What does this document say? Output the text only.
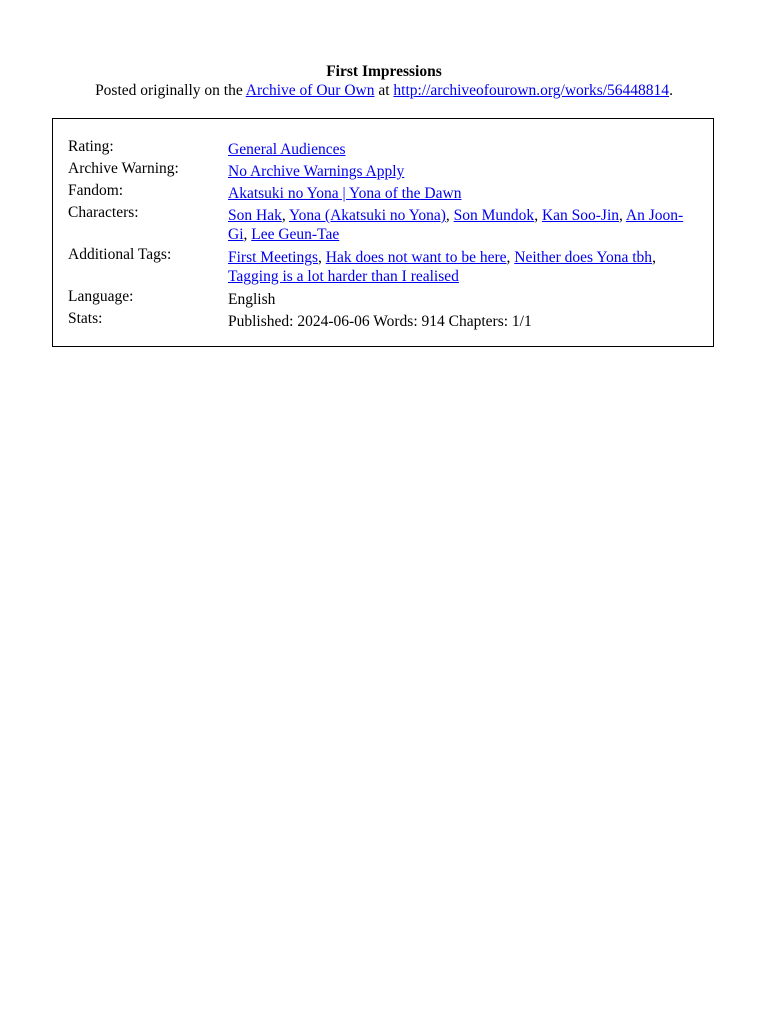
First Impressions
Posted originally on the Archive of Our Own at http://archiveofourown.org/works/56448814.
Rating:	General Audiences
Archive Warning:	No Archive Warnings Apply
Fandom:	Akatsuki no Yona | Yona of the Dawn
Characters:	Son Hak, Yona (Akatsuki no Yona), Son Mundok, Kan Soo-Jin, An Joon-Gi, Lee Geun-Tae
Additional Tags:	First Meetings, Hak does not want to be here, Neither does Yona tbh, Tagging is a lot harder than I realised
Language:	English
Stats:	Published: 2024-06-06 Words: 914 Chapters: 1/1
